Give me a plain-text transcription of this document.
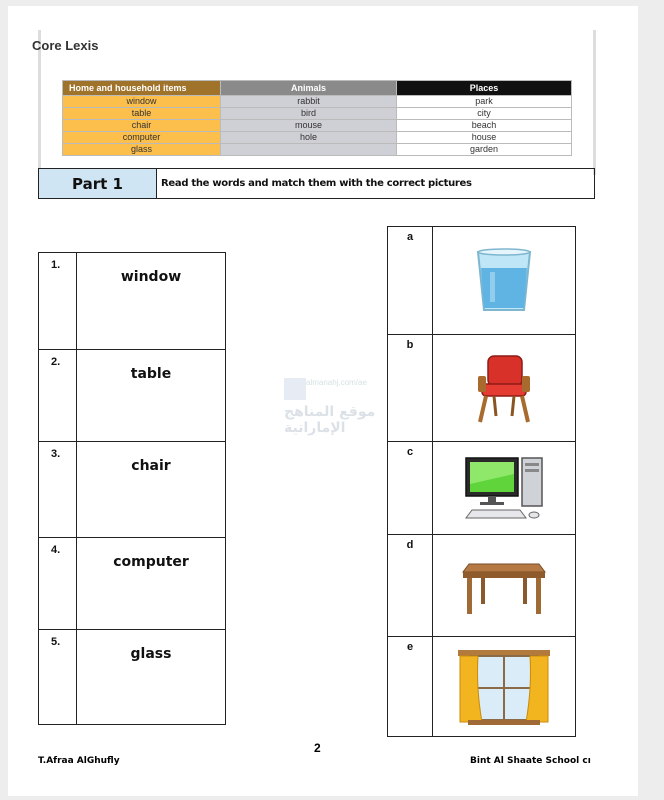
Core Lexis
Home and household items	Animals	Places
window	rabbit	park
table	bird	city
chair	mouse	beach
computer	hole	house
glass		garden
Part 1	Read the words and match them with the correct pictures
1.
window
2.
table
3.
chair
4.
computer
5.
glass
a
b
c
d
e
almanahj.com/ae
موقع المناهج الإماراتية
2
T.Afraa AlGhufly	Bint Al Shaate School cı
